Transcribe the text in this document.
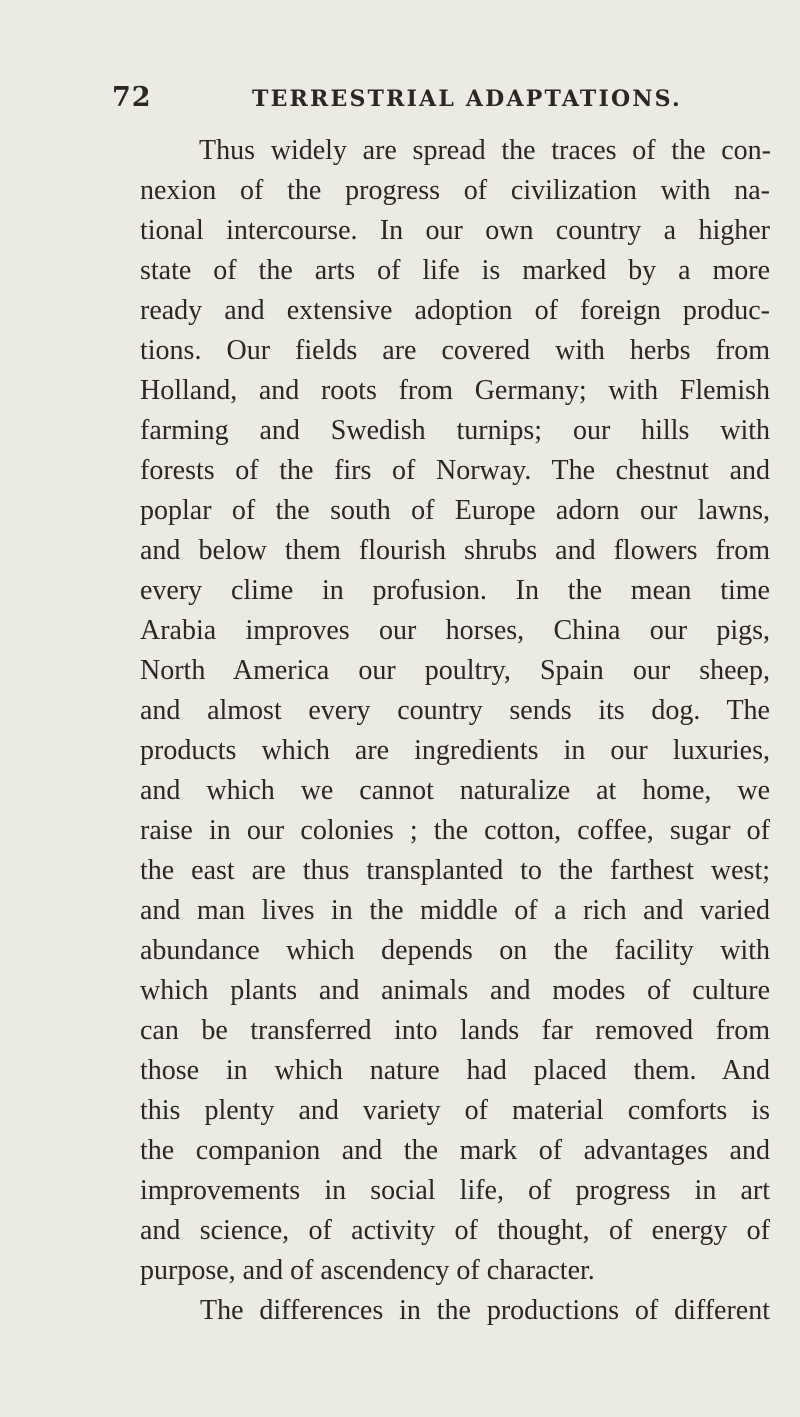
72	TERRESTRIAL ADAPTATIONS.
Thus widely are spread the traces of the con-
nexion of the progress of civilization with na-
tional intercourse. In our own country a higher
state of the arts of life is marked by a more
ready and extensive adoption of foreign produc-
tions. Our fields are covered with herbs from
Holland, and roots from Germany; with Flemish
farming and Swedish turnips; our hills with
forests of the firs of Norway. The chestnut and
poplar of the south of Europe adorn our lawns,
and below them flourish shrubs and flowers from
every clime in profusion. In the mean time
Arabia improves our horses, China our pigs,
North America our poultry, Spain our sheep,
and almost every country sends its dog. The
products which are ingredients in our luxuries,
and which we cannot naturalize at home, we
raise in our colonies ; the cotton, coffee, sugar of
the east are thus transplanted to the farthest west;
and man lives in the middle of a rich and varied
abundance which depends on the facility with
which plants and animals and modes of culture
can be transferred into lands far removed from
those in which nature had placed them. And
this plenty and variety of material comforts is
the companion and the mark of advantages and
improvements in social life, of progress in art
and science, of activity of thought, of energy of
purpose, and of ascendency of character.
The differences in the productions of different
